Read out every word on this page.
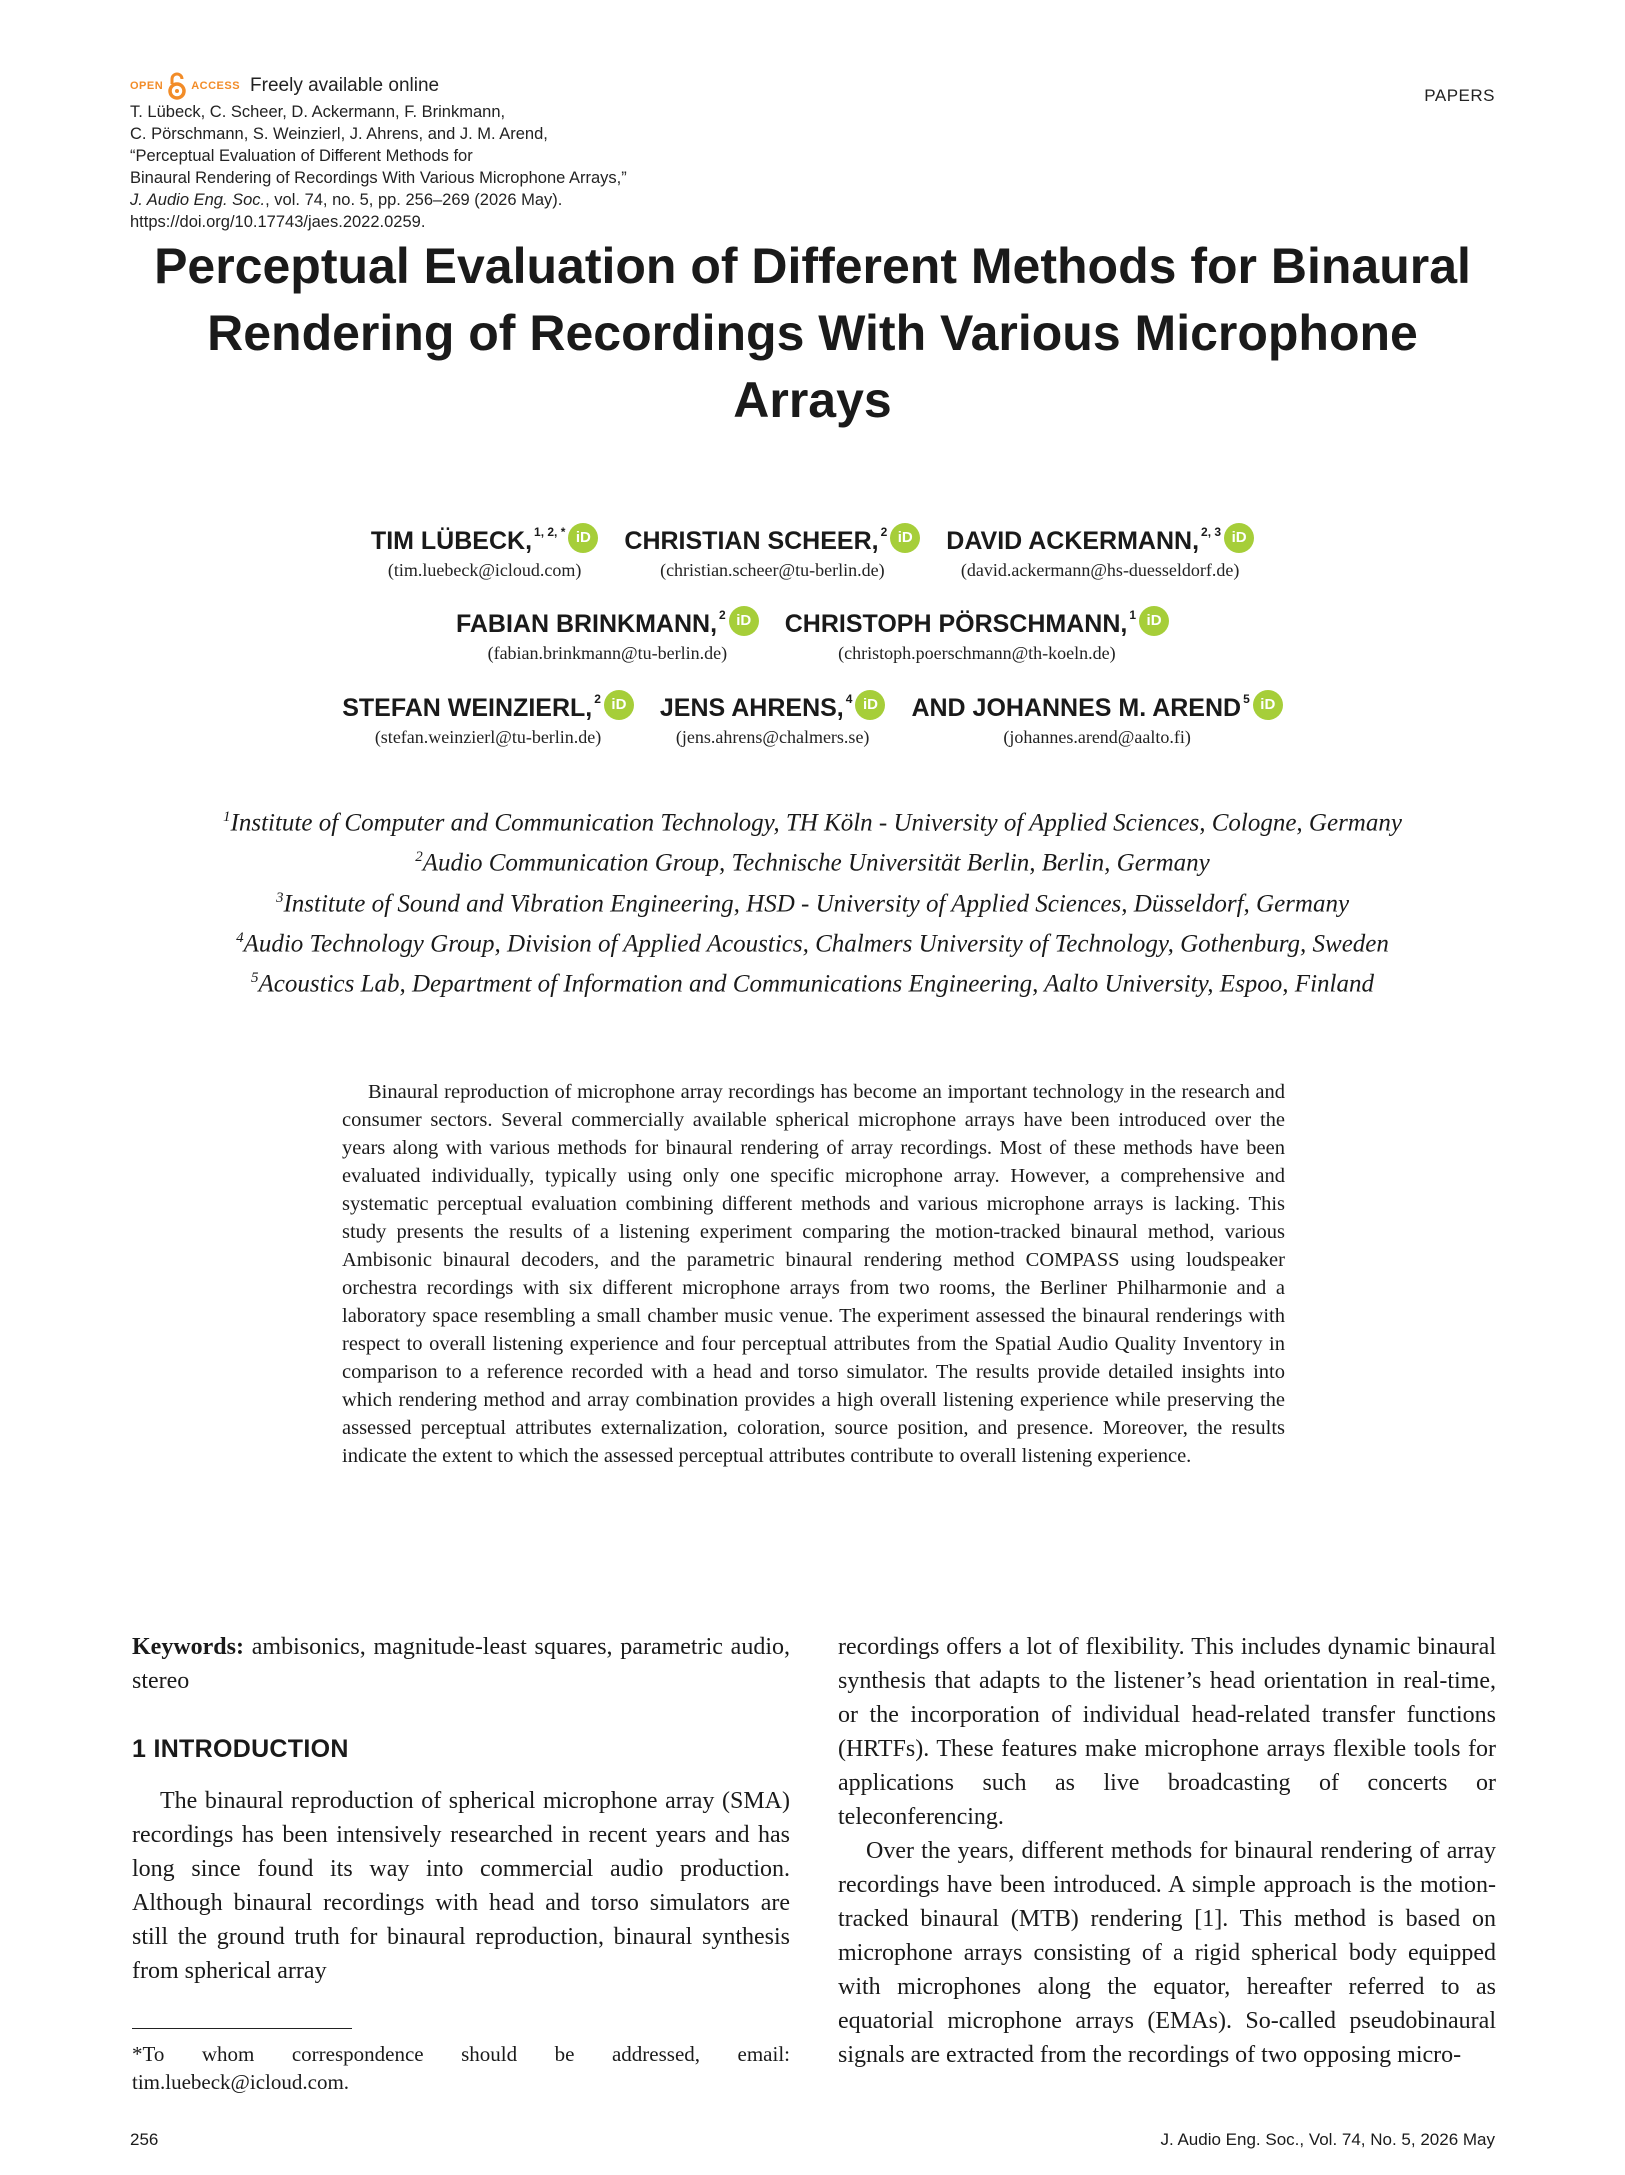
OPEN	ACCESS Freely available online
T. Lübeck, C. Scheer, D. Ackermann, F. Brinkmann,
C. Pörschmann, S. Weinzierl, J. Ahrens, and J. M. Arend,
“Perceptual Evaluation of Different Methods for
Binaural Rendering of Recordings With Various Microphone Arrays,”
J. Audio Eng. Soc., vol. 74, no. 5, pp. 256–269 (2026 May).
https://doi.org/10.17743/jaes.2022.0259.
PAPERS
Perceptual Evaluation of Different Methods for Binaural Rendering of Recordings With Various Microphone Arrays
TIM LÜBECK,$^{1, 2, *}$ iD
(tim.luebeck@icloud.com)
CHRISTIAN SCHEER,$^2$ iD
(christian.scheer@tu-berlin.de)
DAVID ACKERMANN,$^{2, 3}$ iD
(david.ackermann@hs-duesseldorf.de)
FABIAN BRINKMANN,$^2$ iD
(fabian.brinkmann@tu-berlin.de)
CHRISTOPH PÖRSCHMANN,$^1$ iD
(christoph.poerschmann@th-koeln.de)
STEFAN WEINZIERL,$^2$ iD
(stefan.weinzierl@tu-berlin.de)
JENS AHRENS,$^4$ iD
(jens.ahrens@chalmers.se)
AND JOHANNES M. AREND$^5$ iD
(johannes.arend@aalto.fi)
$^1$Institute of Computer and Communication Technology, TH Köln - University of Applied Sciences, Cologne, Germany
$^2$Audio Communication Group, Technische Universität Berlin, Berlin, Germany
$^3$Institute of Sound and Vibration Engineering, HSD - University of Applied Sciences, Düsseldorf, Germany
$^4$Audio Technology Group, Division of Applied Acoustics, Chalmers University of Technology, Gothenburg, Sweden
$^5$Acoustics Lab, Department of Information and Communications Engineering, Aalto University, Espoo, Finland
Binaural reproduction of microphone array recordings has become an important technology in the research and consumer sectors. Several commercially available spherical microphone arrays have been introduced over the years along with various methods for binaural rendering of array recordings. Most of these methods have been evaluated individually, typically using only one specific microphone array. However, a comprehensive and systematic perceptual evaluation combining different methods and various microphone arrays is lacking. This study presents the results of a listening experiment comparing the motion-tracked binaural method, various Ambisonic binaural decoders, and the parametric binaural rendering method COMPASS using loudspeaker orchestra recordings with six different microphone arrays from two rooms, the Berliner Philharmonie and a laboratory space resembling a small chamber music venue. The experiment assessed the binaural renderings with respect to overall listening experience and four perceptual attributes from the Spatial Audio Quality Inventory in comparison to a reference recorded with a head and torso simulator. The results provide detailed insights into which rendering method and array combination provides a high overall listening experience while preserving the assessed perceptual attributes externalization, coloration, source position, and presence. Moreover, the results indicate the extent to which the assessed perceptual attributes contribute to overall listening experience.

Keywords: ambisonics, magnitude-least squares, parametric audio, stereo

1 INTRODUCTION

The binaural reproduction of spherical microphone array (SMA) recordings has been intensively researched in recent years and has long since found its way into commercial audio production. Although binaural recordings with head and torso simulators are still the ground truth for binaural reproduction, binaural synthesis from spherical array

recordings offers a lot of flexibility. This includes dynamic binaural synthesis that adapts to the listener’s head orientation in real-time, or the incorporation of individual head-related transfer functions (HRTFs). These features make microphone arrays flexible tools for applications such as live broadcasting of concerts or teleconferencing.

Over the years, different methods for binaural rendering of array recordings have been introduced. A simple approach is the motion-tracked binaural (MTB) rendering [1]. This method is based on microphone arrays consisting of a rigid spherical body equipped with microphones along the equator, hereafter referred to as equatorial microphone arrays (EMAs). So-called pseudobinaural signals are extracted from the recordings of two opposing micro-

*To whom correspondence should be addressed, email: tim.luebeck@icloud.com.
256	J. Audio Eng. Soc., Vol. 74, No. 5, 2026 May
